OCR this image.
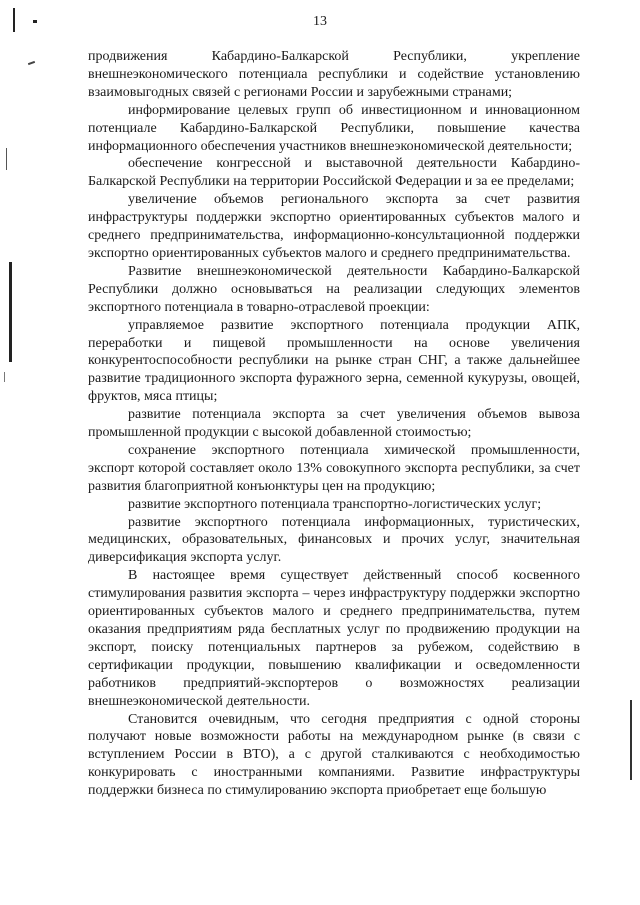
13

продвижения Кабардино-Балкарской Республики, укрепление внешнеэкономического потенциала республики и содействие установлению взаимовыгодных связей с регионами России и зарубежными странами;

информирование целевых групп об инвестиционном и инновационном потенциале Кабардино-Балкарской Республики, повышение качества информационного обеспечения участников внешнеэкономической деятельности;

обеспечение конгрессной и выставочной деятельности Кабардино-Балкарской Республики на территории Российской Федерации и за ее пределами;

увеличение объемов регионального экспорта за счет развития инфраструктуры поддержки экспортно ориентированных субъектов малого и среднего предпринимательства, информационно-консультационной поддержки экспортно ориентированных субъектов малого и среднего предпринимательства.

Развитие внешнеэкономической деятельности Кабардино-Балкарской Республики должно основываться на реализации следующих элементов экспортного потенциала в товарно-отраслевой проекции:

управляемое развитие экспортного потенциала продукции АПК, переработки и пищевой промышленности на основе увеличения конкурентоспособности республики на рынке стран СНГ, а также дальнейшее развитие традиционного экспорта фуражного зерна, семенной кукурузы, овощей, фруктов, мяса птицы;

развитие потенциала экспорта за счет увеличения объемов вывоза промышленной продукции с высокой добавленной стоимостью;

сохранение экспортного потенциала химической промышленности, экспорт которой составляет около 13% совокупного экспорта республики, за счет развития благоприятной конъюнктуры цен на продукцию;

развитие экспортного потенциала транспортно-логистических услуг;

развитие экспортного потенциала информационных, туристических, медицинских, образовательных, финансовых и прочих услуг, значительная диверсификация экспорта услуг.

В настоящее время существует действенный способ косвенного стимулирования развития экспорта – через инфраструктуру поддержки экспортно ориентированных субъектов малого и среднего предпринимательства, путем оказания предприятиям ряда бесплатных услуг по продвижению продукции на экспорт, поиску потенциальных партнеров за рубежом, содействию в сертификации продукции, повышению квалификации и осведомленности работников предприятий-экспортеров о возможностях реализации внешнеэкономической деятельности.

Становится очевидным, что сегодня предприятия с одной стороны получают новые возможности работы на международном рынке (в связи с вступлением России в ВТО), а с другой сталкиваются с необходимостью конкурировать с иностранными компаниями. Развитие инфраструктуры поддержки бизнеса по стимулированию экспорта приобретает еще большую
